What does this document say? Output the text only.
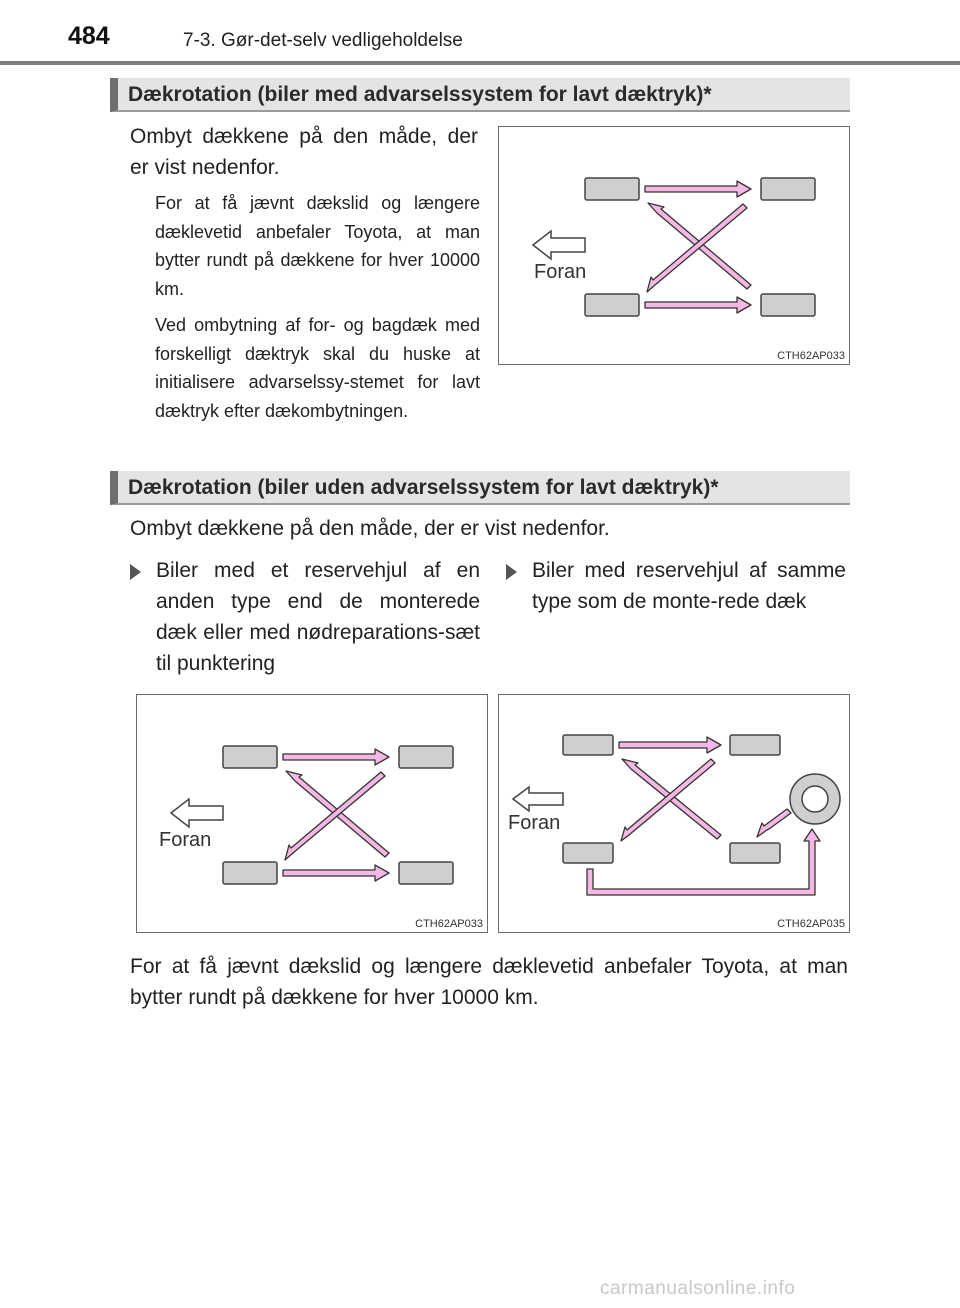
484	7-3. Gør-det-selv vedligeholdelse
Dækrotation (biler med advarselssystem for lavt dæktryk)*
Ombyt dækkene på den måde, der er vist nedenfor.
For at få jævnt dækslid og længere dæklevetid anbefaler Toyota, at man bytter rundt på dækkene for hver 10000 km.
Ved ombytning af for- og bagdæk med forskelligt dæktryk skal du huske at initialisere advarselssy-stemet for lavt dæktryk efter dækombytningen.
Foran
CTH62AP033
Dækrotation (biler uden advarselssystem for lavt dæktryk)*
Ombyt dækkene på den måde, der er vist nedenfor.
Biler med et reservehjul af en anden type end de monterede dæk eller med nødreparations-sæt til punktering
Biler med reservehjul af samme type som de monte-rede dæk
Foran
CTH62AP033
Foran
CTH62AP035
For at få jævnt dækslid og længere dæklevetid anbefaler Toyota, at man bytter rundt på dækkene for hver 10000 km.
carmanualsonline.info
